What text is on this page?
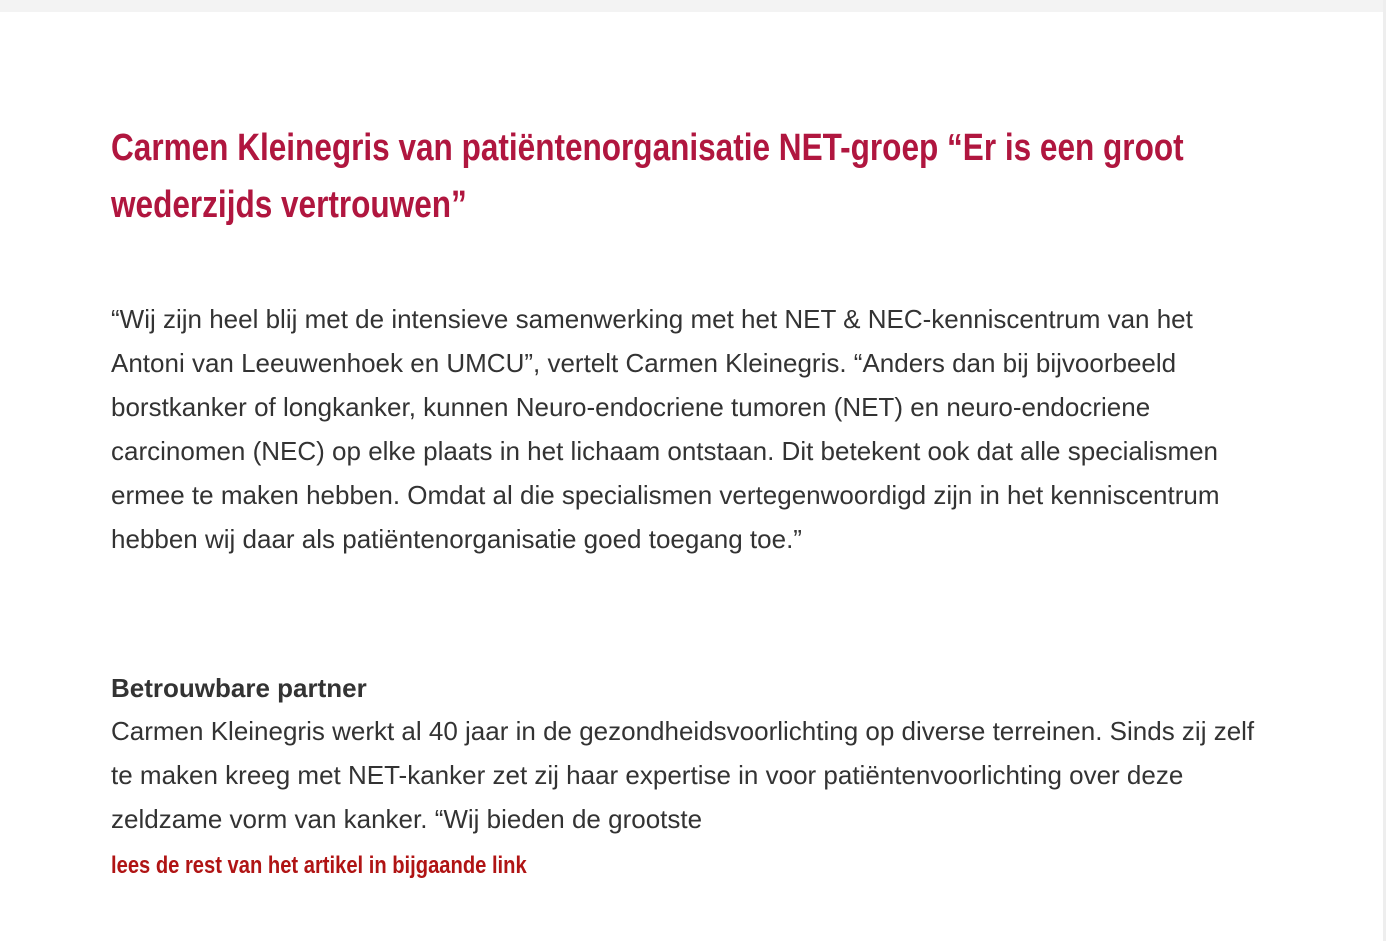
Carmen Kleinegris van patiëntenorganisatie NET-groep “Er is een groot wederzijds vertrouwen”

“Wij zijn heel blij met de intensieve samenwerking met het NET & NEC-kenniscentrum van het Antoni van Leeuwenhoek en UMCU”, vertelt Carmen Kleinegris. “Anders dan bij bijvoorbeeld borstkanker of longkanker, kunnen Neuro-endocriene tumoren (NET) en neuro-endocriene carcinomen (NEC) op elke plaats in het lichaam ontstaan. Dit betekent ook dat alle specialismen ermee te maken hebben. Omdat al die specialismen vertegenwoordigd zijn in het kenniscentrum hebben wij daar als patiëntenorganisatie goed toegang toe.”

Betrouwbare partner

Carmen Kleinegris werkt al 40 jaar in de gezondheidsvoorlichting op diverse terreinen. Sinds zij zelf te maken kreeg met NET-kanker zet zij haar expertise in voor patiëntenvoorlichting over deze zeldzame vorm van kanker. “Wij bieden de grootste

lees de rest van het artikel in bijgaande link
